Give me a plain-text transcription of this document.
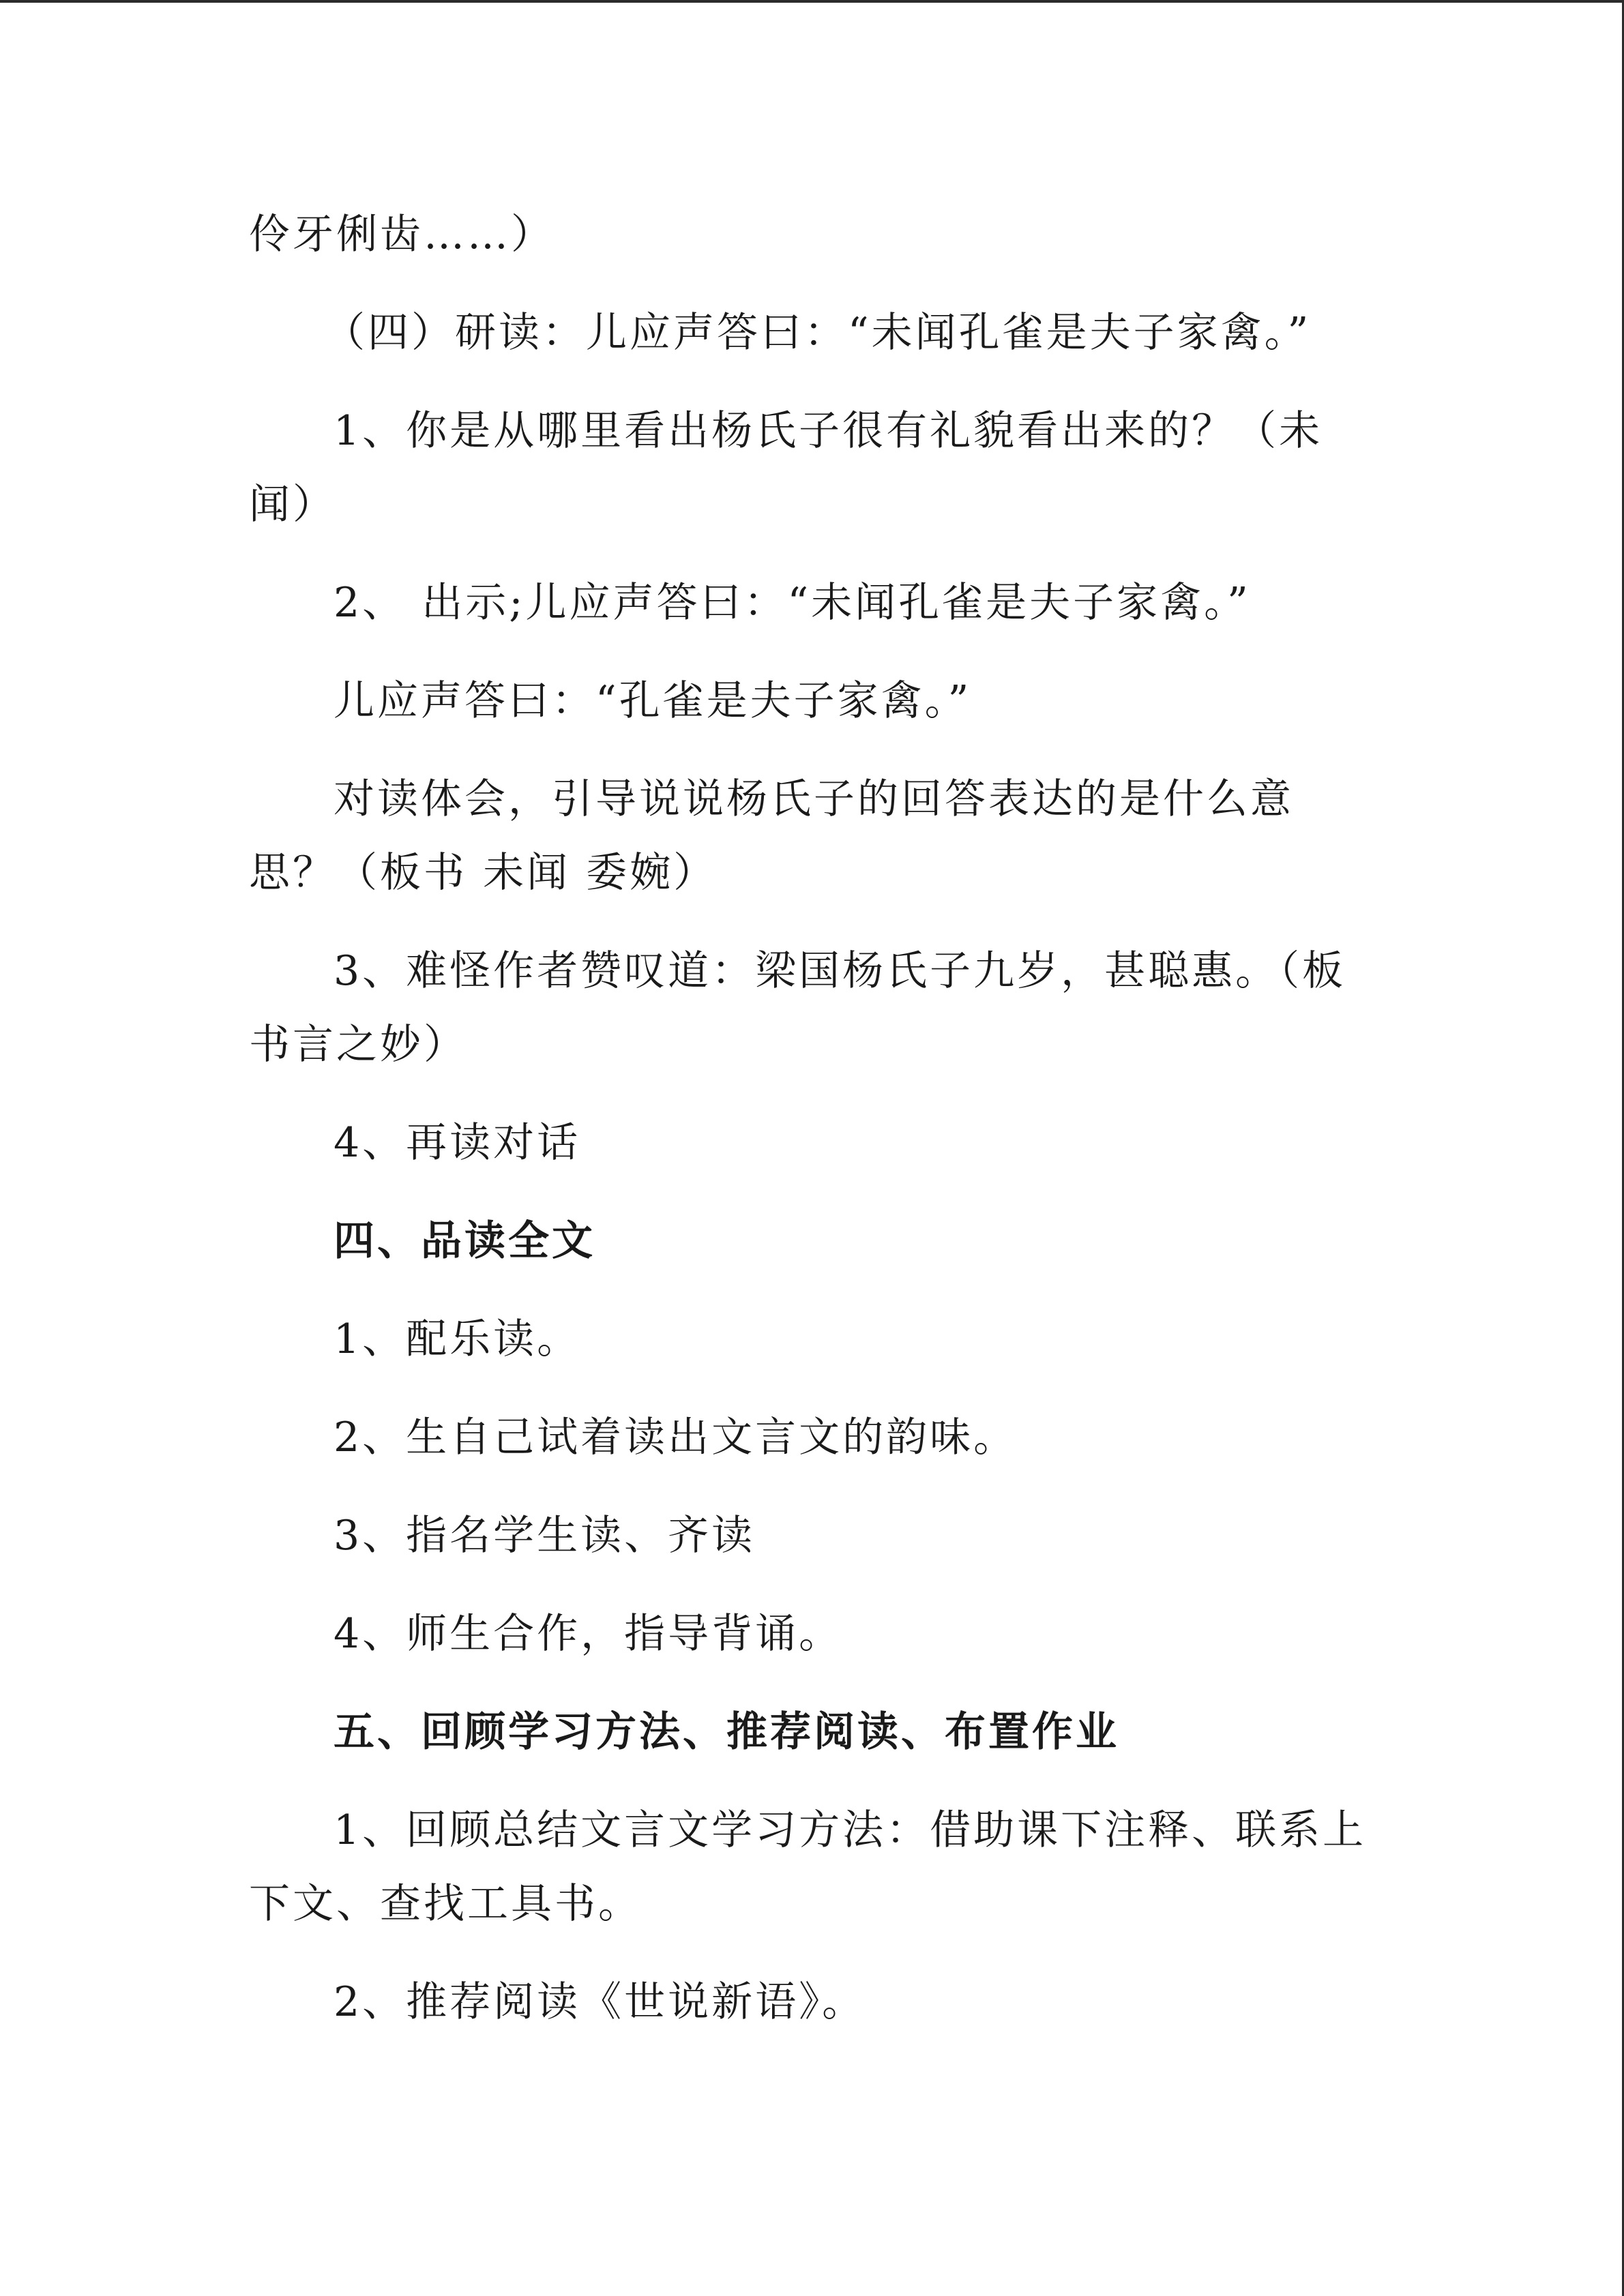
伶牙俐齿……）

（四）研读：儿应声答曰：“未闻孔雀是夫子家禽。”

1、你是从哪里看出杨氏子很有礼貌看出来的？（未

闻）

2、 出示;儿应声答曰：“未闻孔雀是夫子家禽。”

儿应声答曰：“孔雀是夫子家禽。”

对读体会，引导说说杨氏子的回答表达的是什么意

思？（板书 未闻 委婉）

3、难怪作者赞叹道：梁国杨氏子九岁，甚聪惠。（板

书言之妙）

4、再读对话

四、品读全文

1、配乐读。

2、生自己试着读出文言文的韵味。

3、指名学生读、齐读

4、师生合作，指导背诵。

五、回顾学习方法、推荐阅读、布置作业

1、回顾总结文言文学习方法：借助课下注释、联系上

下文、查找工具书。

2、推荐阅读《世说新语》。
